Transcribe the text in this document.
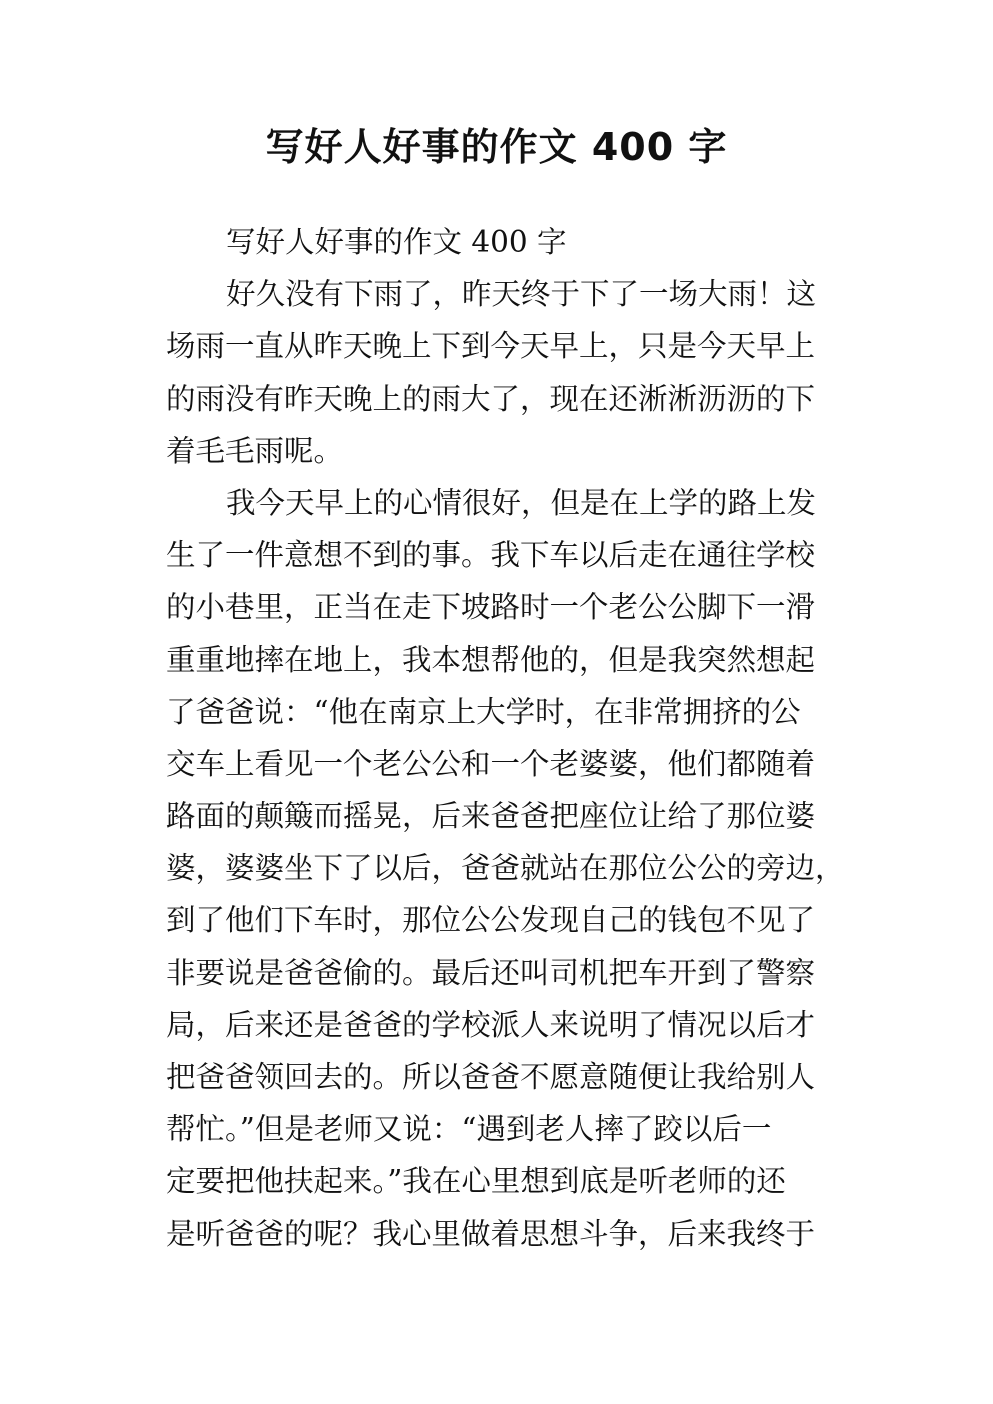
写好人好事的作文 400 字
写好人好事的作文 400 字
好久没有下雨了，昨天终于下了一场大雨！这
场雨一直从昨天晚上下到今天早上，只是今天早上
的雨没有昨天晚上的雨大了，现在还淅淅沥沥的下
着毛毛雨呢。
我今天早上的心情很好，但是在上学的路上发
生了一件意想不到的事。我下车以后走在通往学校
的小巷里，正当在走下坡路时一个老公公脚下一滑
重重地摔在地上，我本想帮他的，但是我突然想起
了爸爸说：“他在南京上大学时，在非常拥挤的公
交车上看见一个老公公和一个老婆婆，他们都随着
路面的颠簸而摇晃，后来爸爸把座位让给了那位婆
婆，婆婆坐下了以后，爸爸就站在那位公公的旁边，
到了他们下车时，那位公公发现自己的钱包不见了
非要说是爸爸偷的。最后还叫司机把车开到了警察
局，后来还是爸爸的学校派人来说明了情况以后才
把爸爸领回去的。所以爸爸不愿意随便让我给别人
帮忙。”但是老师又说：“遇到老人摔了跤以后一
定要把他扶起来。”我在心里想到底是听老师的还
是听爸爸的呢？我心里做着思想斗争，后来我终于
